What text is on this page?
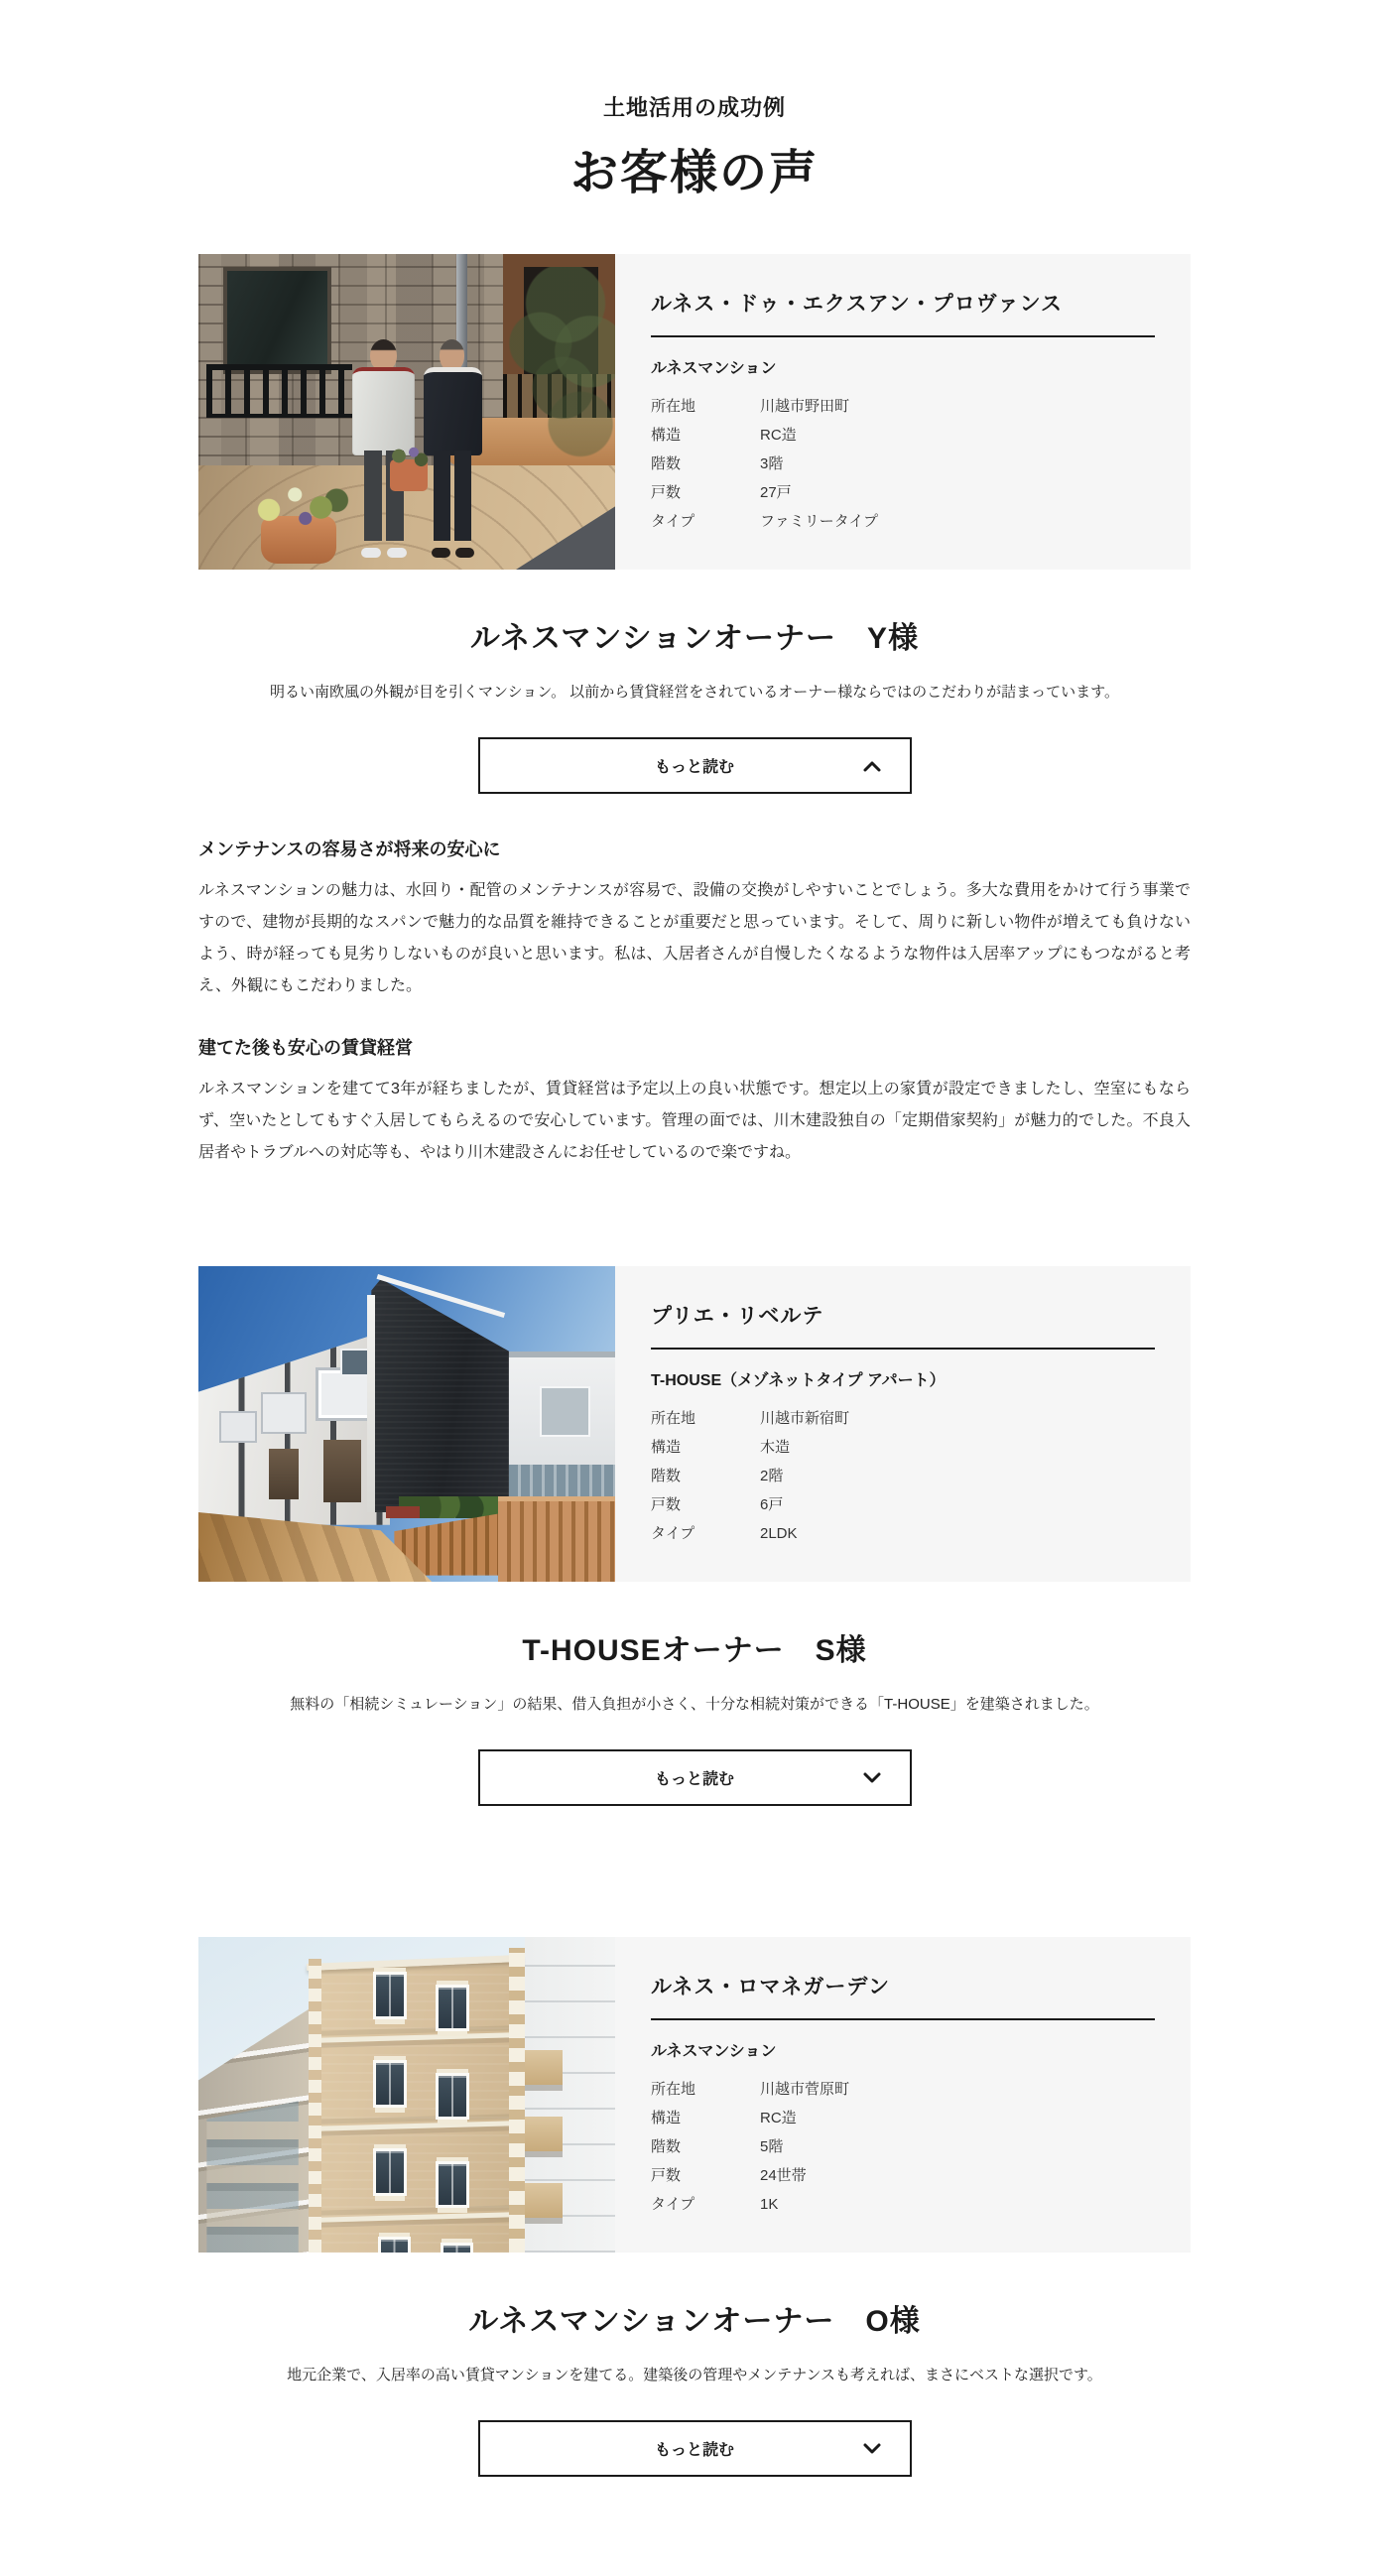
土地活用の成功例

お客様の声
ルネス・ドゥ・エクスアン・プロヴァンス

ルネスマンション

所在地	川越市野田町
構造	RC造
階数	3階
戸数	27戸
タイプ	ファミリータイプ
ルネスマンションオーナー　Y様

明るい南欧風の外観が目を引くマンション。 以前から賃貸経営をされているオーナー様ならではのこだわりが詰まっています。

もっと読む
メンテナンスの容易さが将来の安心に

ルネスマンションの魅力は、水回り・配管のメンテナンスが容易で、設備の交換がしやすいことでしょう。多大な費用をかけて行う事業ですので、建物が長期的なスパンで魅力的な品質を維持できることが重要だと思っています。そして、周りに新しい物件が増えても負けないよう、時が経っても見劣りしないものが良いと思います。私は、入居者さんが自慢したくなるような物件は入居率アップにもつながると考え、外観にもこだわりました。

建てた後も安心の賃貸経営

ルネスマンションを建てて3年が経ちましたが、賃貸経営は予定以上の良い状態です。想定以上の家賃が設定できましたし、空室にもならず、空いたとしてもすぐ入居してもらえるので安心しています。管理の面では、川木建設独自の「定期借家契約」が魅力的でした。不良入居者やトラブルへの対応等も、やはり川木建設さんにお任せしているので楽ですね。

プリエ・リベルテ

T-HOUSE（メゾネットタイプ アパート）

所在地	川越市新宿町
構造	木造
階数	2階
戸数	6戸
タイプ	2LDK
T-HOUSEオーナー　S様

無料の「相続シミュレーション」の結果、借入負担が小さく、十分な相続対策ができる「T-HOUSE」を建築されました。

もっと読む
ルネス・ロマネガーデン

ルネスマンション

所在地	川越市菅原町
構造	RC造
階数	5階
戸数	24世帯
タイプ	1K
ルネスマンションオーナー　O様

地元企業で、入居率の高い賃貸マンションを建てる。建築後の管理やメンテナンスも考えれば、まさにベストな選択です。

もっと読む
